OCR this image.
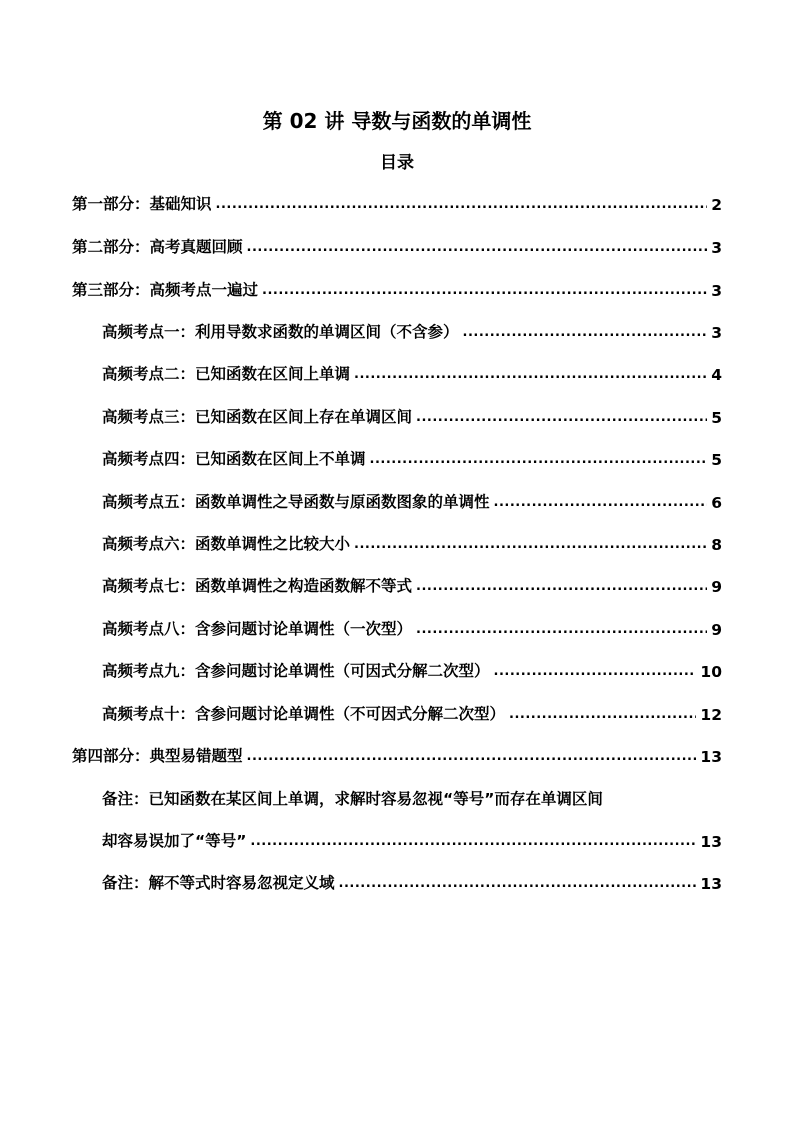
第 02 讲 导数与函数的单调性
目录
第一部分：基础知识 .....	2
第二部分：高考真题回顾 .....	3
第三部分：高频考点一遍过 .....	3
高频考点一：利用导数求函数的单调区间（不含参） .....	3
高频考点二：已知函数在区间上单调 .....	4
高频考点三：已知函数在区间上存在单调区间 .....	5
高频考点四：已知函数在区间上不单调 .....	5
高频考点五：函数单调性之导函数与原函数图象的单调性 .....	6
高频考点六：函数单调性之比较大小 .....	8
高频考点七：函数单调性之构造函数解不等式 .....	9
高频考点八：含参问题讨论单调性（一次型） .....	9
高频考点九：含参问题讨论单调性（可因式分解二次型） .....	10
高频考点十：含参问题讨论单调性（不可因式分解二次型） .....	12
第四部分：典型易错题型 .....	13
备注：已知函数在某区间上单调，求解时容易忽视“等号”而存在单调区间
却容易误加了“等号” .....	13
备注：解不等式时容易忽视定义域 .....	13
